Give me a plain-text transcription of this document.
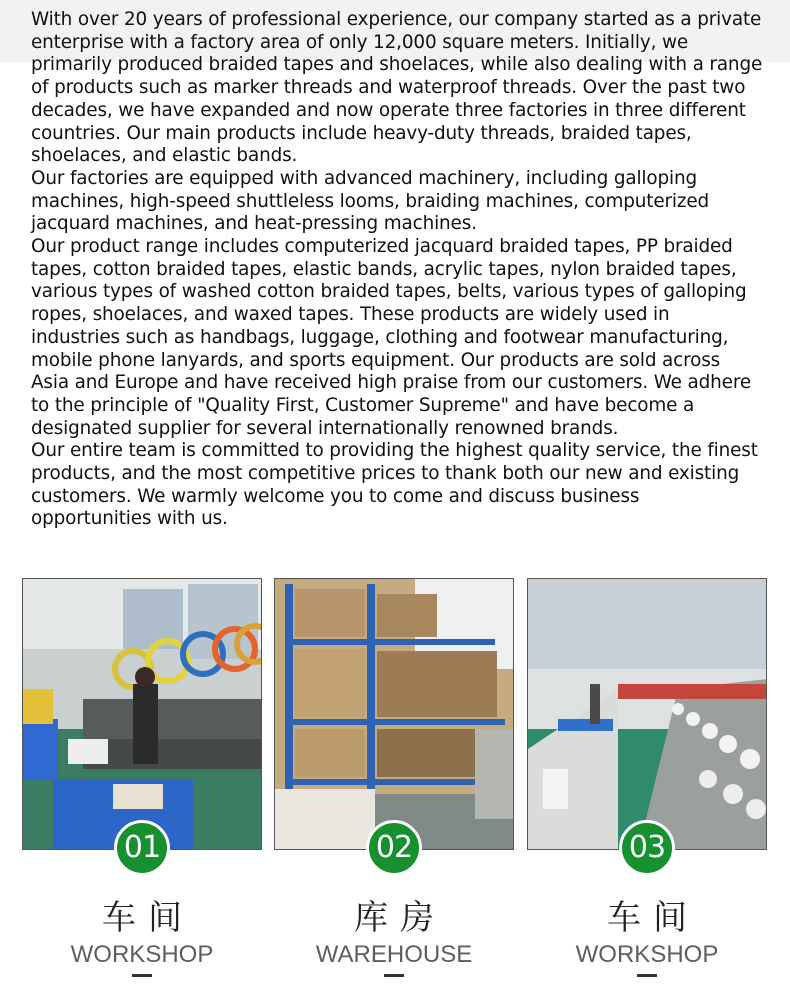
With over 20 years of professional experience, our company started as a private enterprise with a factory area of only 12,000 square meters. Initially, we primarily produced braided tapes and shoelaces, while also dealing with a range of products such as marker threads and waterproof threads. Over the past two decades, we have expanded and now operate three factories in three different countries. Our main products include heavy-duty threads, braided tapes, shoelaces, and elastic bands.

Our factories are equipped with advanced machinery, including galloping machines, high-speed shuttleless looms, braiding machines, computerized jacquard machines, and heat-pressing machines.

Our product range includes computerized jacquard braided tapes, PP braided tapes, cotton braided tapes, elastic bands, acrylic tapes, nylon braided tapes, various types of washed cotton braided tapes, belts, various types of galloping ropes, shoelaces, and waxed tapes. These products are widely used in industries such as handbags, luggage, clothing and footwear manufacturing, mobile phone lanyards, and sports equipment. Our products are sold across Asia and Europe and have received high praise from our customers. We adhere to the principle of "Quality First, Customer Supreme" and have become a designated supplier for several internationally renowned brands.

Our entire team is committed to providing the highest quality service, the finest products, and the most competitive prices to thank both our new and existing customers. We warmly welcome you to come and discuss business opportunities with us.

01	02	03
车间	库房	车间
WORKSHOP	WAREHOUSE	WORKSHOP
